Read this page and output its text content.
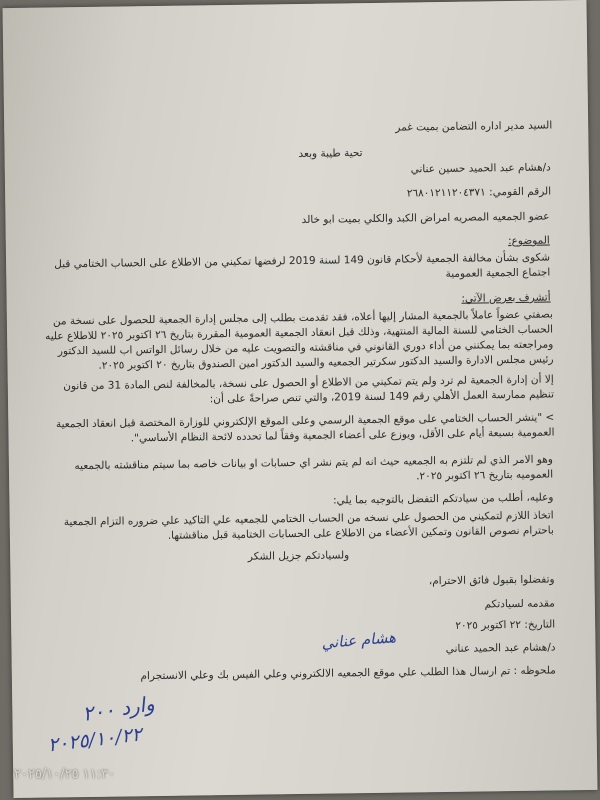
السيد مدير اداره التضامن بميت غمر
تحية طيبة وبعد
د/هشام عبد الحميد حسين عناني
الرقم القومي: ٢٦٨٠١٢١١٢٠٤٣٧١
عضو الجمعيه المصريه امراض الكبد والكلي بميت ابو خالد
الموضوع:
شكوى بشأن مخالفة الجمعية لأحكام قانون 149 لسنة 2019 لرفضها تمكيني من الاطلاع على الحساب الختامي قبل اجتماع الجمعية العمومية
أتشرف بعرض الآتي:
بصفتي عضواً عاملاً بالجمعية المشار إليها أعلاه، فقد تقدمت بطلب إلى مجلس إدارة الجمعية للحصول على نسخة من الحساب الختامي للسنة المالية المنتهية، وذلك قبل انعقاد الجمعية العمومية المقررة بتاريخ ٢٦ اكتوبر ٢٠٢٥ للاطلاع عليه ومراجعته بما يمكنني من أداء دوري القانوني في مناقشته والتصويت عليه من خلال رسائل الواتس اب للسيد الدكتور رئيس مجلس الادارة والسيد الدكتور سكرتير الجمعيه والسيد الدكتور امين الصندوق بتاريخ ٢٠ اكتوبر ٢٠٢٥.
إلا أن إدارة الجمعية لم ترد ولم يتم تمكيني من الاطلاع أو الحصول على نسخة، بالمخالفة لنص المادة 31 من قانون تنظيم ممارسة العمل الأهلي رقم 149 لسنة 2019، والتي تنص صراحةً على أن:
> "ينشر الحساب الختامي على موقع الجمعية الرسمي وعلى الموقع الإلكتروني للوزارة المختصة قبل انعقاد الجمعية العمومية بسبعة أيام على الأقل، ويوزع على أعضاء الجمعية وفقاً لما تحدده لائحة النظام الأساسي".
وهو الامر الذي لم تلتزم به الجمعيه حيث انه لم يتم نشر اي حسابات او بيانات خاصه بما سيتم مناقشته بالجمعيه العموميه بتاريخ ٢٦ اكتوبر ٢٠٢٥.
وعليه، أطلب من سيادتكم التفضل بالتوجيه بما يلي:
اتخاذ اللازم لتمكيني من الحصول علي نسخه من الحساب الختامي للجمعيه علي التاكيد علي ضروره التزام الجمعية باحترام نصوص القانون وتمكين الأعضاء من الاطلاع على الحسابات الختامية قبل مناقشتها.
ولسيادتكم جزيل الشكر
وتفضلوا بقبول فائق الاحترام،
مقدمه لسيادتكم
التاريخ: ٢٢ اكتوبر ٢٠٢٥
د/هشام عبد الحميد عناني
ملحوظه : تم ارسال هذا الطلب علي موقع الجمعيه الالكتروني وعلي الفيس بك وعلي الانستجرام
هشام عناني
وارد ٢٠٠
٢٠٢٥/١٠/٢٢
١١:٣٠ ٢٠٢٥/١٠/٢٥
